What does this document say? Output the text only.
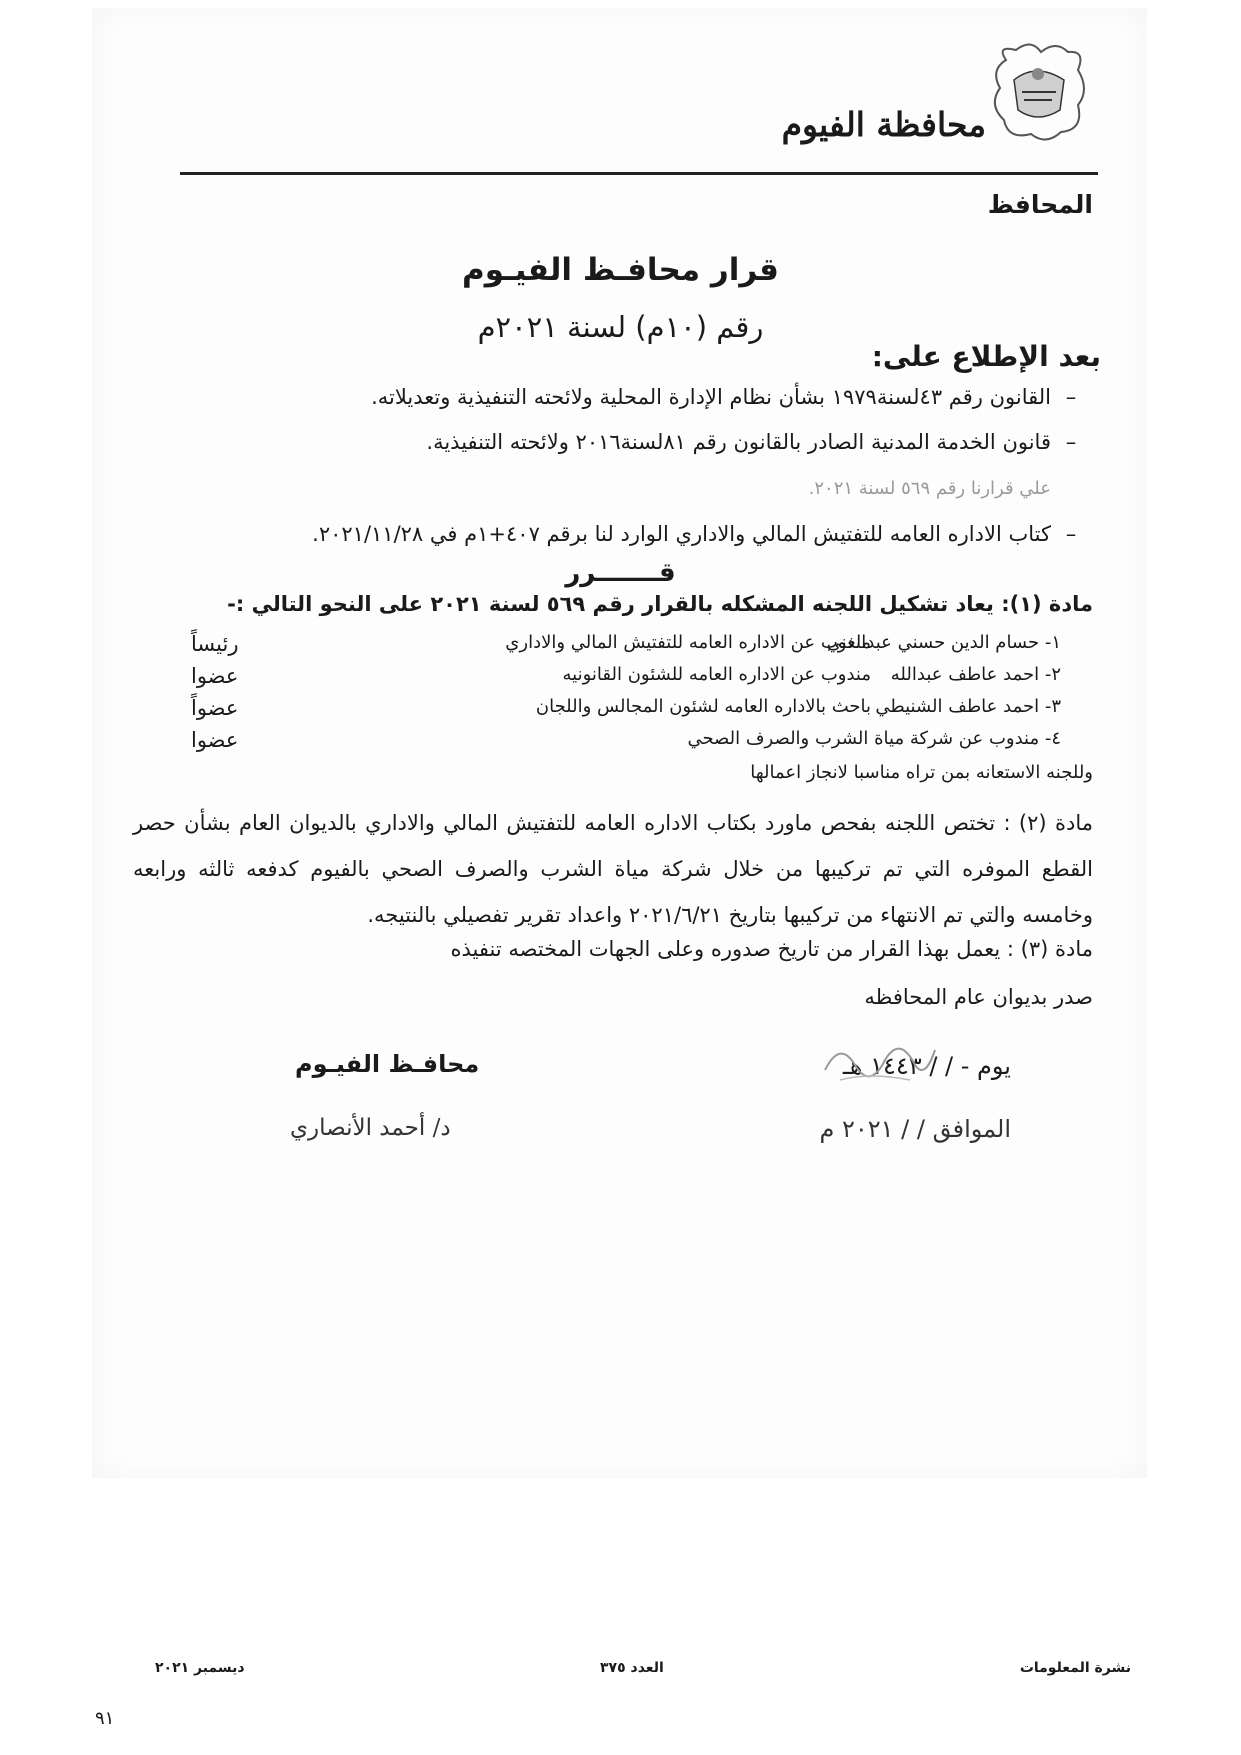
محافظة الفيوم
المحافظ
قرار محافـظ الفيـوم
رقم (١٠م) لسنة ٢٠٢١م
بعد الإطلاع على:
–القانون رقم ٤٣لسنة١٩٧٩ بشأن نظام الإدارة المحلية ولائحته التنفيذية وتعديلاته.
–قانون الخدمة المدنية الصادر بالقانون رقم ٨١لسنة٢٠١٦ ولائحته التنفيذية.
علي قرارنا رقم ٥٦٩ لسنة ٢٠٢١.
–كتاب الاداره العامه للتفتيش المالي والاداري الوارد لنا برقم ٤٠٧+١م في ٢٠٢١/١١/٢٨.
قـــــــرر
مادة (١): يعاد تشكيل اللجنه المشكله بالقرار رقم ٥٦٩ لسنة ٢٠٢١ على النحو التالي :-
١- حسام الدين حسني عبدالغني
مندوب عن الاداره العامه للتفتيش المالي والاداري
رئيساً
٢- احمد عاطف عبدالله
مندوب عن الاداره العامه للشئون القانونيه
عضوا
٣- احمد عاطف الشنيطي
باحث بالاداره العامه لشئون المجالس واللجان
عضواً
٤- مندوب عن شركة مياة الشرب والصرف الصحي
عضوا
وللجنه الاستعانه بمن تراه مناسبا لانجاز اعمالها
مادة (٢) : تختص اللجنه بفحص ماورد بكتاب الاداره العامه للتفتيش المالي والاداري بالديوان العام بشأن حصر القطع الموفره التي تم تركيبها من خلال شركة مياة الشرب والصرف الصحي بالفيوم كدفعه ثالثه ورابعه وخامسه والتي تم الانتهاء من تركيبها بتاريخ ٢٠٢١/٦/٢١ واعداد تقرير تفصيلي بالنتيجه.
مادة (٣) : يعمل بهذا القرار من تاريخ صدوره وعلى الجهات المختصه تنفيذه
صدر بديوان عام المحافظه
يوم - / / ١٤٤٣ هـ
الموافق / / ٢٠٢١ م
محافـظ الفيـوم
د/ أحمد الأنصاري
نشرة المعلومات
العدد ٣٧٥
ديسمبر ٢٠٢١
٩١
